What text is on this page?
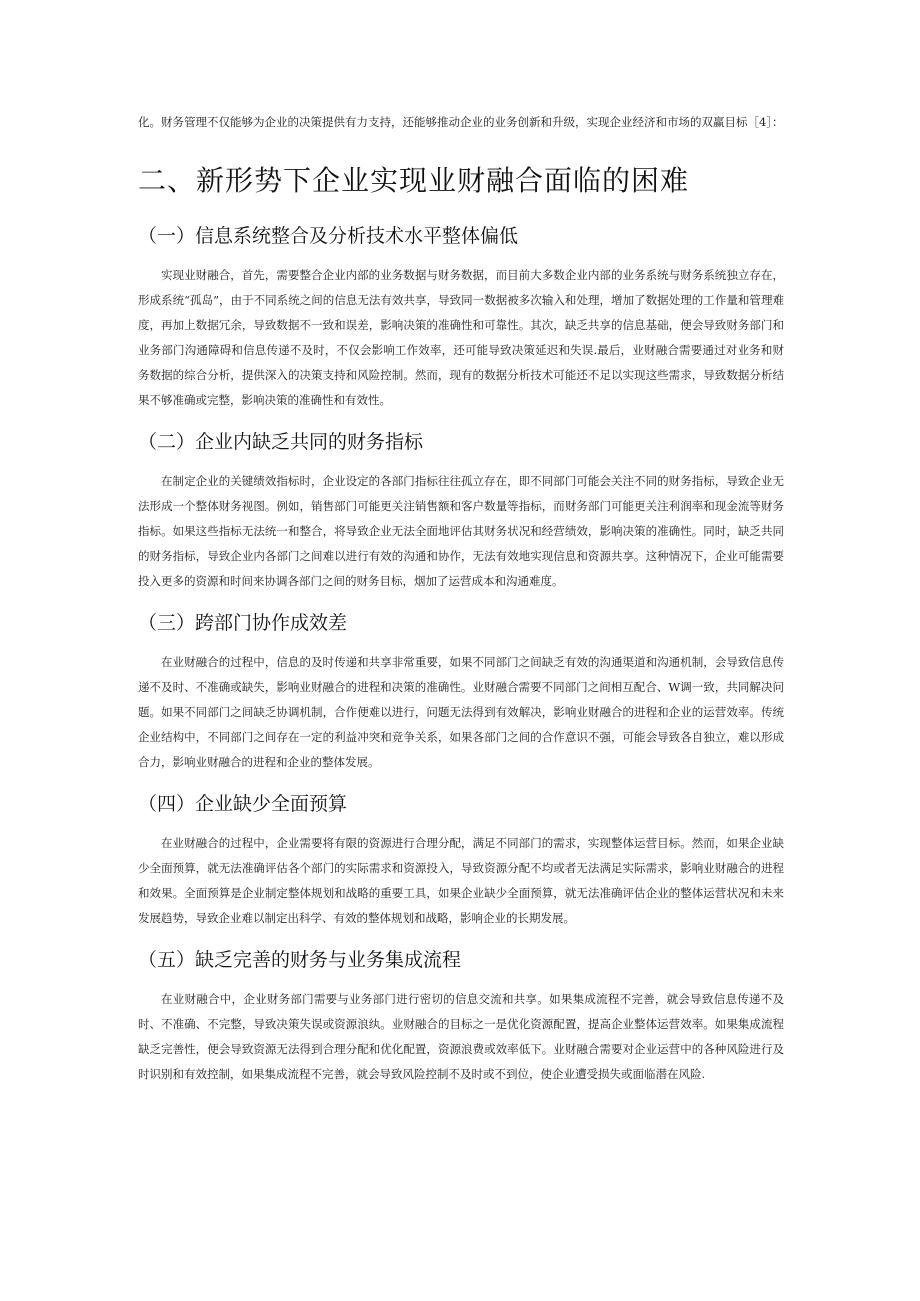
化。财务管理不仅能够为企业的决策提供有力支持，还能够推动企业的业务创新和升级，实现企业经济和市场的双赢目标［4］：

二、新形势下企业实现业财融合面临的困难
（一）信息系统整合及分析技术水平整体偏低

实现业财融合，首先，需要整合企业内部的业务数据与财务数据，而目前大多数企业内部的业务系统与财务系统独立存在，形成系统“孤岛”，由于不同系统之间的信息无法有效共享，导致同一数据被多次输入和处理，增加了数据处理的工作量和管理难度，再加上数据冗余，导致数据不一致和误差，影响决策的准确性和可靠性。其次，缺乏共享的信息基础，便会导致财务部门和业务部门沟通障碍和信息传递不及时，不仅会影响工作效率，还可能导致决策延迟和失误.最后，业财融合需要通过对业务和财务数据的综合分析，提供深入的决策支持和风险控制。然而，现有的数据分析技术可能还不足以实现这些需求，导致数据分析结果不够准确或完整，影响决策的准确性和有效性。

（二）企业内缺乏共同的财务指标

在制定企业的关键绩效指标时，企业设定的各部门指标往往孤立存在，即不同部门可能会关注不同的财务指标，导致企业无法形成一个整体财务视图。例如，销售部门可能更关注销售额和客户数量等指标，而财务部门可能更关注利润率和现金流等财务指标。如果这些指标无法统一和整合，将导致企业无法全面地评估其财务状况和经营绩效，影响决策的准确性。同时，缺乏共同的财务指标，导致企业内各部门之间难以进行有效的沟通和协作，无法有效地实现信息和资源共享。这种情况下，企业可能需要投入更多的资源和时间来协调各部门之间的财务目标，烟加了运营成本和沟通难度。

（三）跨部门协作成效差

在业财融合的过程中，信息的及时传递和共享非常重要，如果不同部门之间缺乏有效的沟通渠道和沟通机制，会导致信息传递不及时、不准确或缺失，影响业财融合的进程和决策的准确性。业财融合需要不同部门之间相互配合、W调一致，共同解决问题。如果不同部门之间缺乏协调机制，合作便难以进行，问题无法得到有效解决，影响业财融合的进程和企业的运营效率。传统企业结构中，不同部门之间存在一定的利益冲突和竞争关系，如果各部门之间的合作意识不强，可能会导致各自独立，难以形成合力，影响业财融合的进程和企业的整体发展。

（四）企业缺少全面预算

在业财融合的过程中，企业需要将有限的资源进行合理分配，满足不同部门的需求，实现整体运营目标。然而，如果企业缺少全面预算，就无法准确评估各个部门的实际需求和资源投入，导致资源分配不均或者无法满足实际需求，影响业财融合的进程和效果。全面预算是企业制定整体规划和战略的重要工具，如果企业缺少全面预算，就无法准确评估企业的整体运营状况和未来发展趋势，导致企业难以制定出科学、有效的整体规划和战略，影响企业的长期发展。

（五）缺乏完善的财务与业务集成流程

在业财融合中，企业财务部门需要与业务部门进行密切的信息交流和共享。如果集成流程不完善，就会导致信息传递不及时、不准确、不完整，导致决策失误或资源浪纨。业财融合的目标之一是优化资源配置，提高企业整体运营效率。如果集成流程缺乏完善性，便会导致资源无法得到合理分配和优化配置，资源浪费或效率低下。业财融合需要对企业运营中的各种风险进行及时识别和有效控制，如果集成流程不完善，就会导致风险控制不及时或不到位，使企业遭受损失或面临潜在风险.
